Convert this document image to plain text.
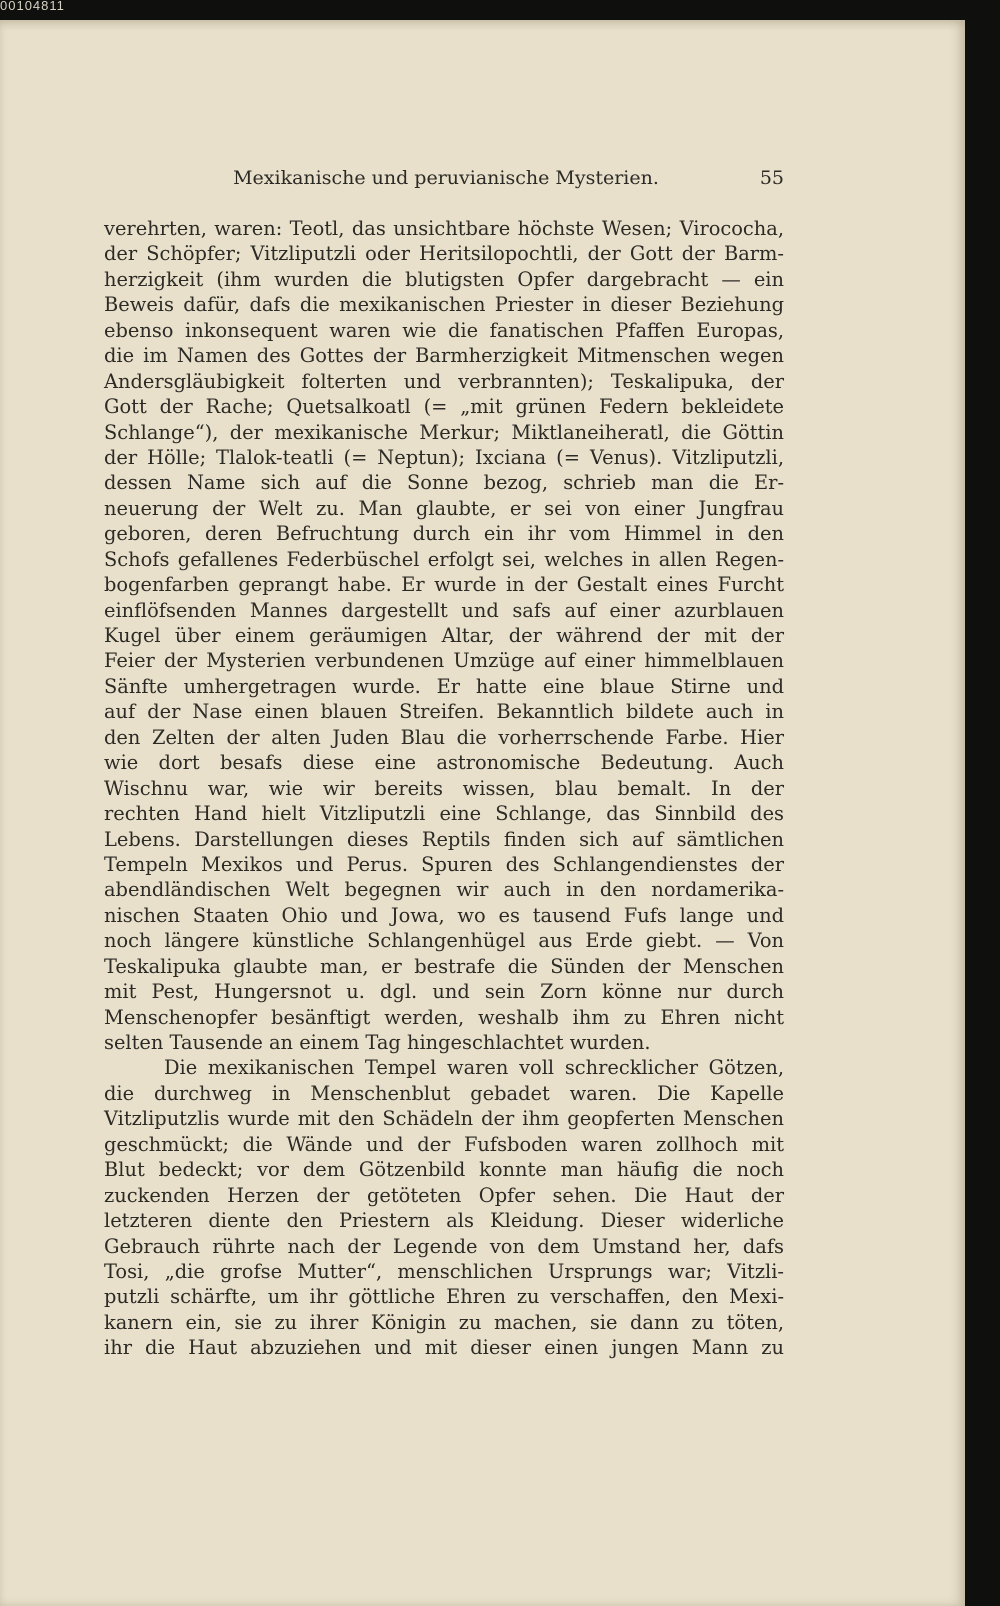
00104811
Mexikanische und peruvianische Mysterien.	55
verehrten, waren: Teotl, das unsichtbare höchste Wesen; Virococha,
der Schöpfer; Vitzliputzli oder Heritsilopochtli, der Gott der Barm-
herzigkeit (ihm wurden die blutigsten Opfer dargebracht — ein
Beweis dafür, dafs die mexikanischen Priester in dieser Beziehung
ebenso inkonsequent waren wie die fanatischen Pfaffen Europas,
die im Namen des Gottes der Barmherzigkeit Mitmenschen wegen
Andersgläubigkeit folterten und verbrannten); Teskalipuka, der
Gott der Rache; Quetsalkoatl (= „mit grünen Federn bekleidete
Schlange“), der mexikanische Merkur; Miktlaneiheratl, die Göttin
der Hölle; Tlalok-teatli (= Neptun); Ixciana (= Venus). Vitzliputzli,
dessen Name sich auf die Sonne bezog, schrieb man die Er-
neuerung der Welt zu. Man glaubte, er sei von einer Jungfrau
geboren, deren Befruchtung durch ein ihr vom Himmel in den
Schofs gefallenes Federbüschel erfolgt sei, welches in allen Regen-
bogenfarben geprangt habe. Er wurde in der Gestalt eines Furcht
einflöfsenden Mannes dargestellt und safs auf einer azurblauen
Kugel über einem geräumigen Altar, der während der mit der
Feier der Mysterien verbundenen Umzüge auf einer himmelblauen
Sänfte umhergetragen wurde. Er hatte eine blaue Stirne und
auf der Nase einen blauen Streifen. Bekanntlich bildete auch in
den Zelten der alten Juden Blau die vorherrschende Farbe. Hier
wie dort besafs diese eine astronomische Bedeutung. Auch
Wischnu war, wie wir bereits wissen, blau bemalt. In der
rechten Hand hielt Vitzliputzli eine Schlange, das Sinnbild des
Lebens. Darstellungen dieses Reptils finden sich auf sämtlichen
Tempeln Mexikos und Perus. Spuren des Schlangendienstes der
abendländischen Welt begegnen wir auch in den nordamerika-
nischen Staaten Ohio und Jowa, wo es tausend Fufs lange und
noch längere künstliche Schlangenhügel aus Erde giebt. — Von
Teskalipuka glaubte man, er bestrafe die Sünden der Menschen
mit Pest, Hungersnot u. dgl. und sein Zorn könne nur durch
Menschenopfer besänftigt werden, weshalb ihm zu Ehren nicht
selten Tausende an einem Tag hingeschlachtet wurden.
Die mexikanischen Tempel waren voll schrecklicher Götzen,
die durchweg in Menschenblut gebadet waren. Die Kapelle
Vitzliputzlis wurde mit den Schädeln der ihm geopferten Menschen
geschmückt; die Wände und der Fufsboden waren zollhoch mit
Blut bedeckt; vor dem Götzenbild konnte man häufig die noch
zuckenden Herzen der getöteten Opfer sehen. Die Haut der
letzteren diente den Priestern als Kleidung. Dieser widerliche
Gebrauch rührte nach der Legende von dem Umstand her, dafs
Tosi, „die grofse Mutter“, menschlichen Ursprungs war; Vitzli-
putzli schärfte, um ihr göttliche Ehren zu verschaffen, den Mexi-
kanern ein, sie zu ihrer Königin zu machen, sie dann zu töten,
ihr die Haut abzuziehen und mit dieser einen jungen Mann zu
